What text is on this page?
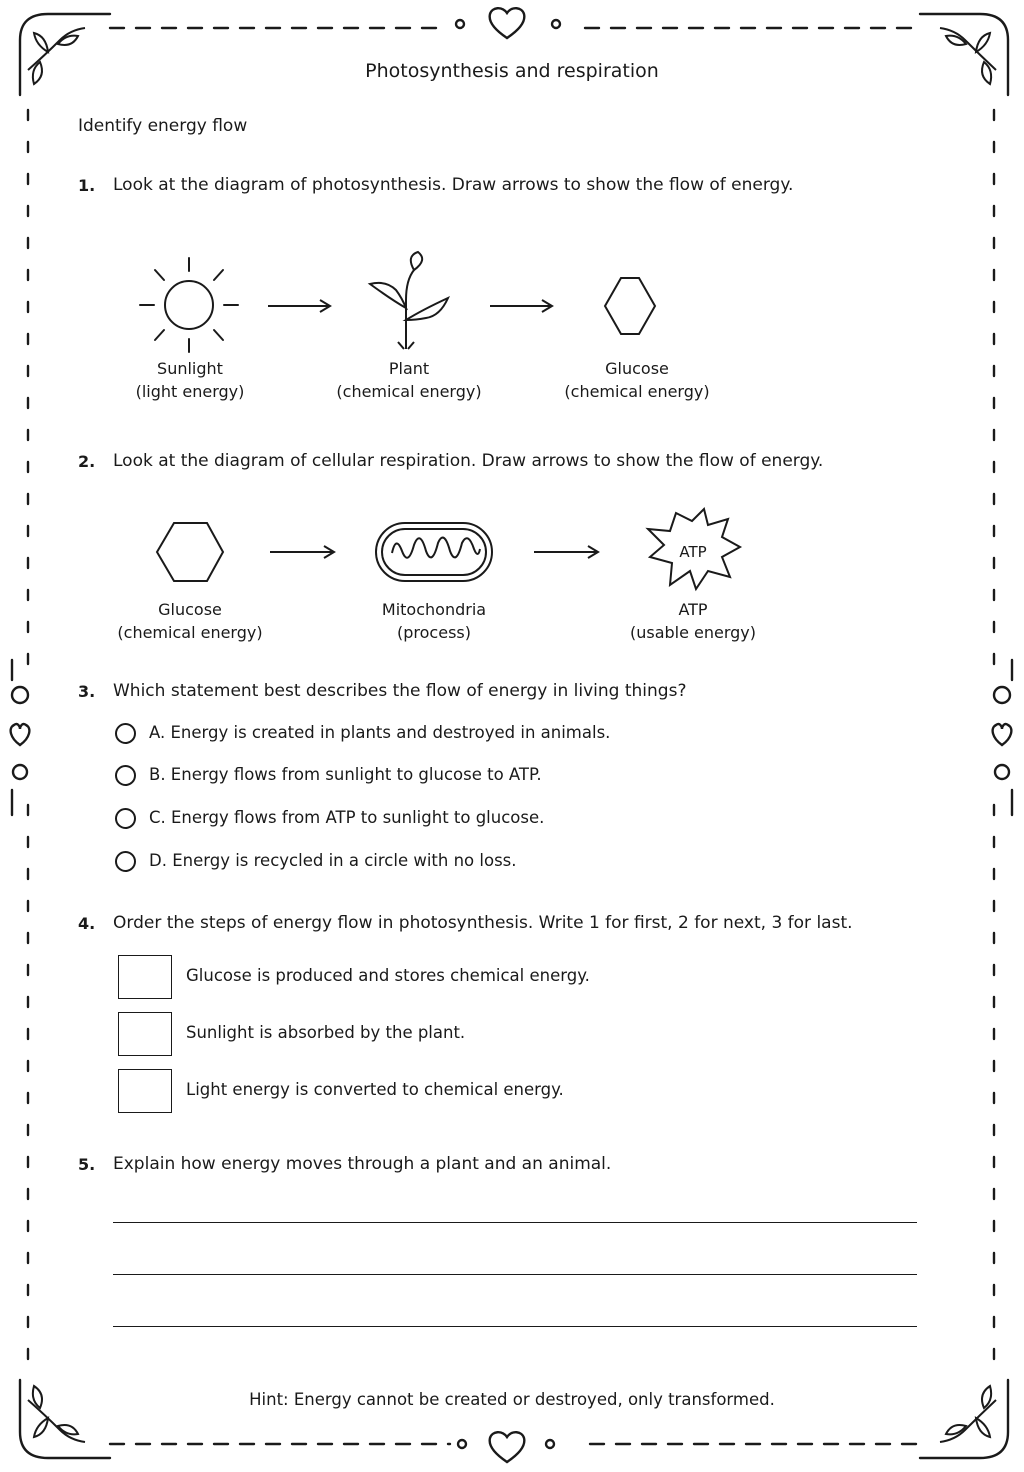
Photosynthesis and respiration
Identify energy flow
1. Look at the diagram of photosynthesis. Draw arrows to show the flow of energy.
Sunlight
(light energy)
Plant
(chemical energy)
Glucose
(chemical energy)
2. Look at the diagram of cellular respiration. Draw arrows to show the flow of energy.
ATP
Glucose
(chemical energy)
Mitochondria
(process)
ATP
(usable energy)
3. Which statement best describes the flow of energy in living things?
A. Energy is created in plants and destroyed in animals.
B. Energy flows from sunlight to glucose to ATP.
C. Energy flows from ATP to sunlight to glucose.
D. Energy is recycled in a circle with no loss.
4. Order the steps of energy flow in photosynthesis. Write 1 for first, 2 for next, 3 for last.
Glucose is produced and stores chemical energy.
Sunlight is absorbed by the plant.
Light energy is converted to chemical energy.
5. Explain how energy moves through a plant and an animal.
Hint: Energy cannot be created or destroyed, only transformed.
